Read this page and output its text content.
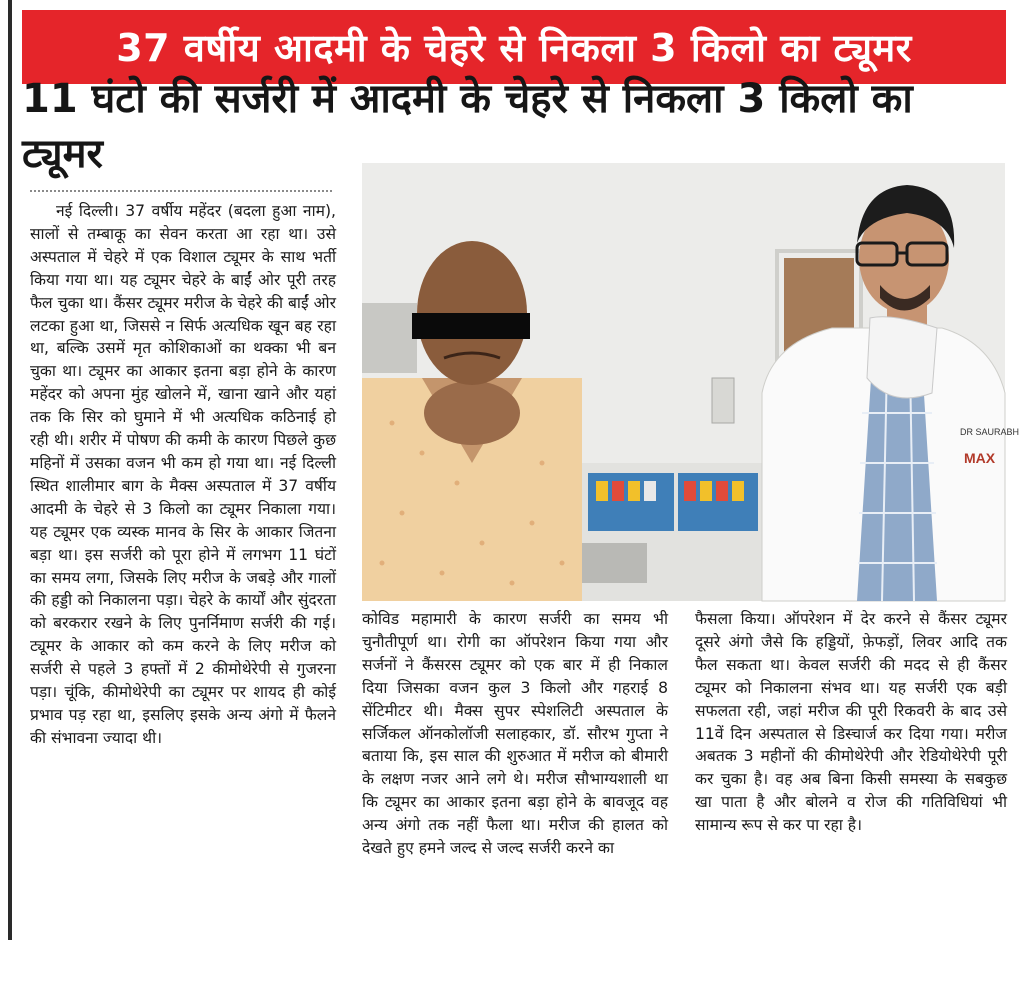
37 वर्षीय आदमी के चेहरे से निकला 3 किलो का ट्यूमर
11 घंटो की सर्जरी में आदमी के चेहरे से निकला 3 किलो का ट्यूमर

नई दिल्ली। 37 वर्षीय महेंदर (बदला हुआ नाम), सालों से तम्बाकू का सेवन करता आ रहा था। उसे अस्पताल में चेहरे में एक विशाल ट्यूमर के साथ भर्ती किया गया था। यह ट्यूमर चेहरे के बाईं ओर पूरी तरह फैल चुका था। कैंसर ट्यूमर मरीज के चेहरे की बाईं ओर लटका हुआ था, जिससे न सिर्फ अत्यधिक खून बह रहा था, बल्कि उसमें मृत कोशिकाओं का थक्का भी बन चुका था। ट्यूमर का आकार इतना बड़ा होने के कारण महेंदर को अपना मुंह खोलने में, खाना खाने और यहां तक कि सिर को घुमाने में भी अत्यधिक कठिनाई हो रही थी। शरीर में पोषण की कमी के कारण पिछले कुछ महिनों में उसका वजन भी कम हो गया था। नई दिल्ली स्थित शालीमार बाग के मैक्स अस्पताल में 37 वर्षीय आदमी के चेहरे से 3 किलो का ट्यूमर निकाला गया। यह ट्यूमर एक व्यस्क मानव के सिर के आकार जितना बड़ा था। इस सर्जरी को पूरा होने में लगभग 11 घंटों का समय लगा, जिसके लिए मरीज के जबड़े और गालों की हड्डी को निकालना पड़ा। चेहरे के कार्यों और सुंदरता को बरकरार रखने के लिए पुनर्निमाण सर्जरी की गई। ट्यूमर के आकार को कम करने के लिए मरीज को सर्जरी से पहले 3 हफ्तों में 2 कीमोथेरेपी से गुजरना पड़ा। चूंकि, कीमोथेरेपी का ट्यूमर पर शायद ही कोई प्रभाव पड़ रहा था, इसलिए इसके अन्य अंगो में फैलने की संभावना ज्यादा थी।

DR SAURABH
MAX

कोविड महामारी के कारण सर्जरी का समय भी चुनौतीपूर्ण था। रोगी का ऑपरेशन किया गया और सर्जनों ने कैंसरस ट्यूमर को एक बार में ही निकाल दिया जिसका वजन कुल 3 किलो और गहराई 8 सेंटिमीटर थी। मैक्स सुपर स्पेशलिटी अस्पताल के सर्जिकल ऑनकोलॉजी सलाहकार, डॉ. सौरभ गुप्ता ने बताया कि, इस साल की शुरुआत में मरीज को बीमारी के लक्षण नजर आने लगे थे। मरीज सौभाग्यशाली था कि ट्यूमर का आकार इतना बड़ा होने के बावजूद वह अन्य अंगो तक नहीं फैला था। मरीज की हालत को देखते हुए हमने जल्द से जल्द सर्जरी करने का

फैसला किया। ऑपरेशन में देर करने से कैंसर ट्यूमर दूसरे अंगो जैसे कि हड्डियों, फ़ेफड़ों, लिवर आदि तक फैल सकता था। केवल सर्जरी की मदद से ही कैंसर ट्यूमर को निकालना संभव था। यह सर्जरी एक बड़ी सफलता रही, जहां मरीज की पूरी रिकवरी के बाद उसे 11वें दिन अस्पताल से डिस्चार्ज कर दिया गया। मरीज अबतक 3 महीनों की कीमोथेरेपी और रेडियोथेरेपी पूरी कर चुका है। वह अब बिना किसी समस्या के सबकुछ खा पाता है और बोलने व रोज की गतिविधियां भी सामान्य रूप से कर पा रहा है।
